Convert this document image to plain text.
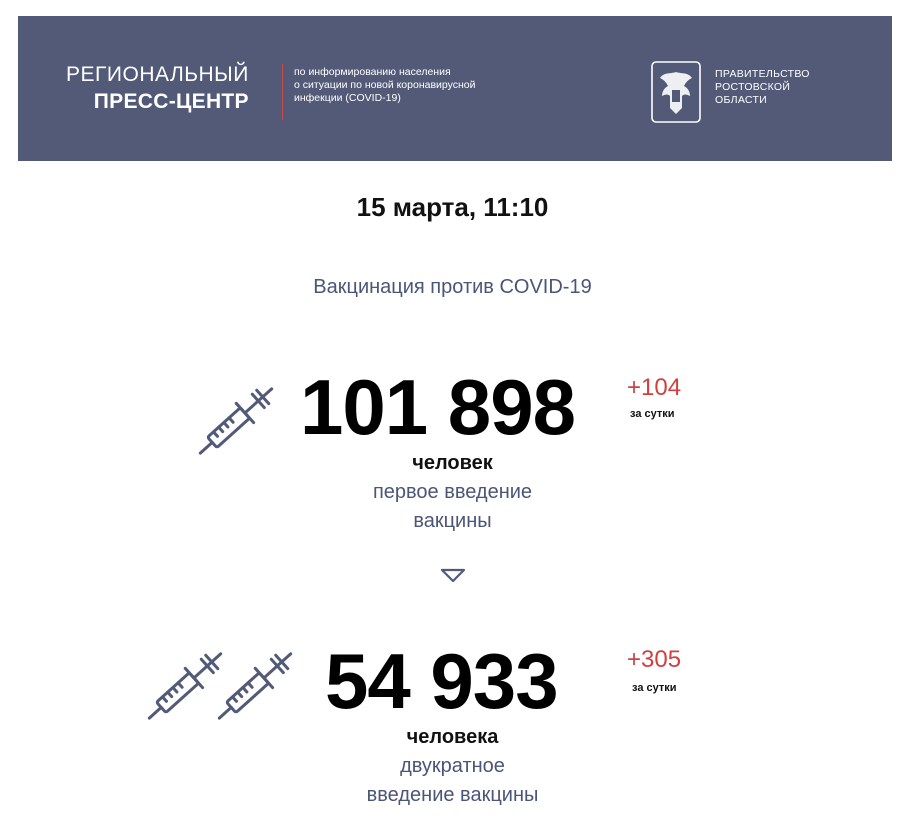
РЕГИОНАЛЬНЫЙ
ПРЕСС-ЦЕНТР
по информированию населения
о ситуации по новой коронавирусной
инфекции (COVID-19)
ПРАВИТЕЛЬСТВО
РОСТОВСКОЙ
ОБЛАСТИ
15 марта, 11:10
Вакцинация против COVID-19
101 898 +104
за сутки
человек
первое введение
вакцины
54 933	+305
за сутки
человека
двукратное
введение вакцины
